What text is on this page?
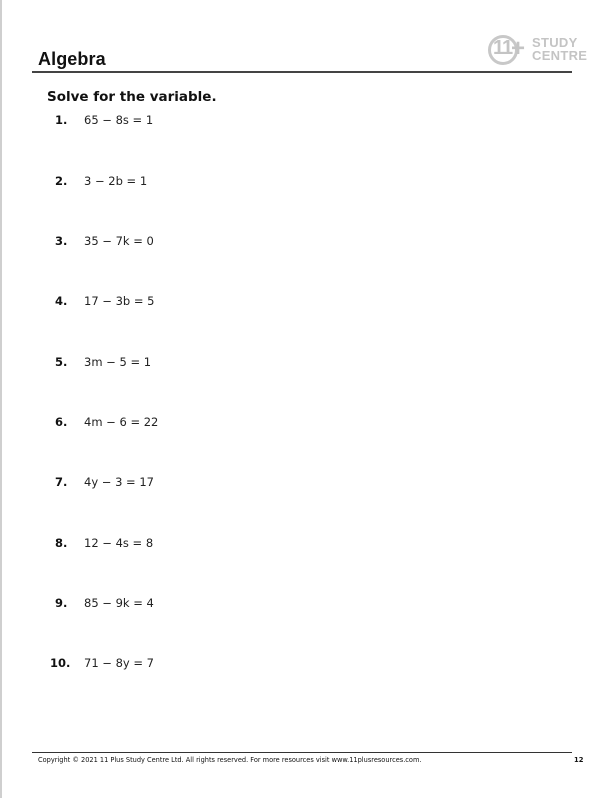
Algebra	11
+ STUDY
CENTRE
Solve for the variable.
1. 65 − 8s = 1
2. 3 − 2b = 1
3. 35 − 7k = 0
4. 17 − 3b = 5
5. 3m − 5 = 1
6. 4m − 6 = 22
7. 4y − 3 = 17
8. 12 − 4s = 8
9. 85 − 9k = 4
10. 71 − 8y = 7
Copyright © 2021 11 Plus Study Centre Ltd. All rights reserved. For more resources visit www.11plusresources.com.	12
